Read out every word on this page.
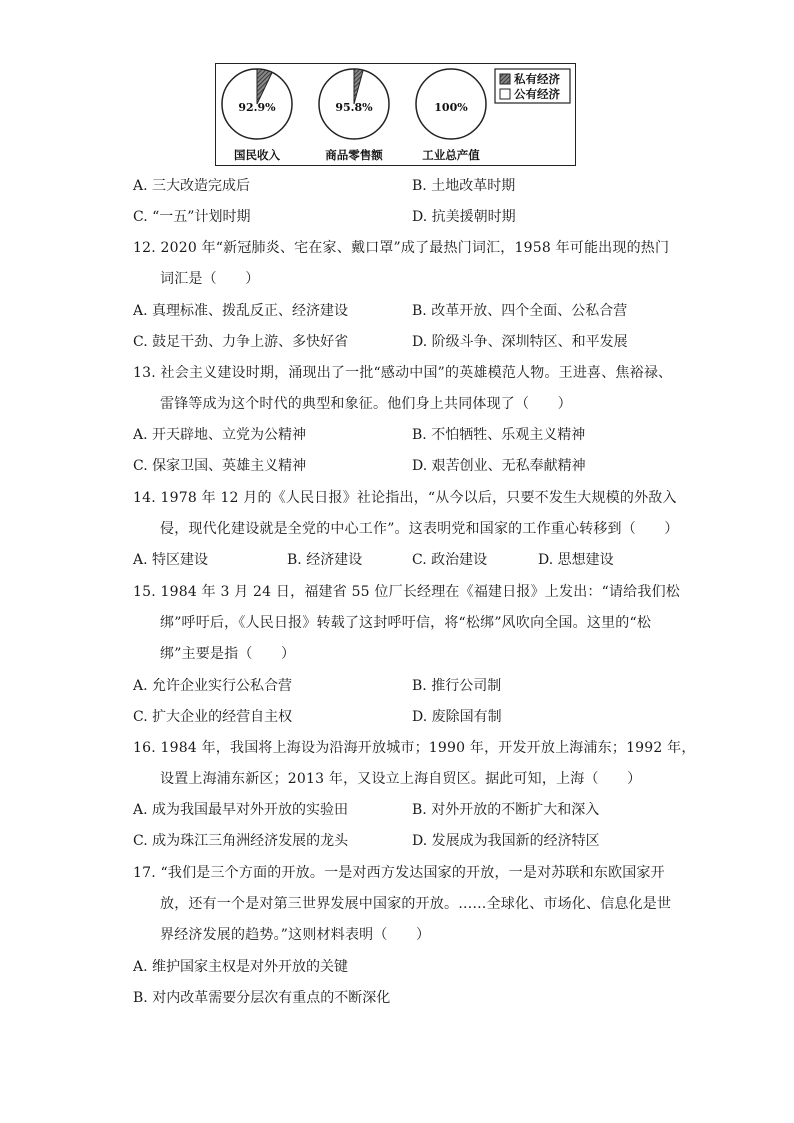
92.9%
国民收入
95.8%
商品零售额
100%
工业总产值
私有经济
公有经济
A. 三大改造完成后	B. 土地改革时期
C. “一五”计划时期	D. 抗美援朝时期
12. 2020 年“新冠肺炎、宅在家、戴口罩”成了最热门词汇，1958 年可能出现的热门
词汇是（　　）
A. 真理标准、拨乱反正、经济建设	B. 改革开放、四个全面、公私合营
C. 鼓足干劲、力争上游、多快好省	D. 阶级斗争、深圳特区、和平发展
13. 社会主义建设时期，涌现出了一批“感动中国”的英雄模范人物。王进喜、焦裕禄、
雷锋等成为这个时代的典型和象征。他们身上共同体现了（　　）
A. 开天辟地、立党为公精神	B. 不怕牺牲、乐观主义精神
C. 保家卫国、英雄主义精神	D. 艰苦创业、无私奉献精神
14. 1978 年 12 月的《人民日报》社论指出，“从今以后，只要不发生大规模的外敌入
侵，现代化建设就是全党的中心工作”。这表明党和国家的工作重心转移到（　　）
A. 特区建设	B. 经济建设	C. 政治建设	D. 思想建设
15. 1984 年 3 月 24 日，福建省 55 位厂长经理在《福建日报》上发出：“请给我们松
绑”呼吁后，《人民日报》转载了这封呼吁信，将“松绑”风吹向全国。这里的“松
绑”主要是指（　　）
A. 允许企业实行公私合营	B. 推行公司制
C. 扩大企业的经营自主权	D. 废除国有制
16. 1984 年，我国将上海设为沿海开放城市；1990 年，开发开放上海浦东；1992 年，
设置上海浦东新区；2013 年，又设立上海自贸区。据此可知，上海（　　）
A. 成为我国最早对外开放的实验田	B. 对外开放的不断扩大和深入
C. 成为珠江三角洲经济发展的龙头	D. 发展成为我国新的经济特区
17. “我们是三个方面的开放。一是对西方发达国家的开放，一是对苏联和东欧国家开
放，还有一个是对第三世界发展中国家的开放。……全球化、市场化、信息化是世
界经济发展的趋势。”这则材料表明（　　）
A. 维护国家主权是对外开放的关键
B. 对内改革需要分层次有重点的不断深化
